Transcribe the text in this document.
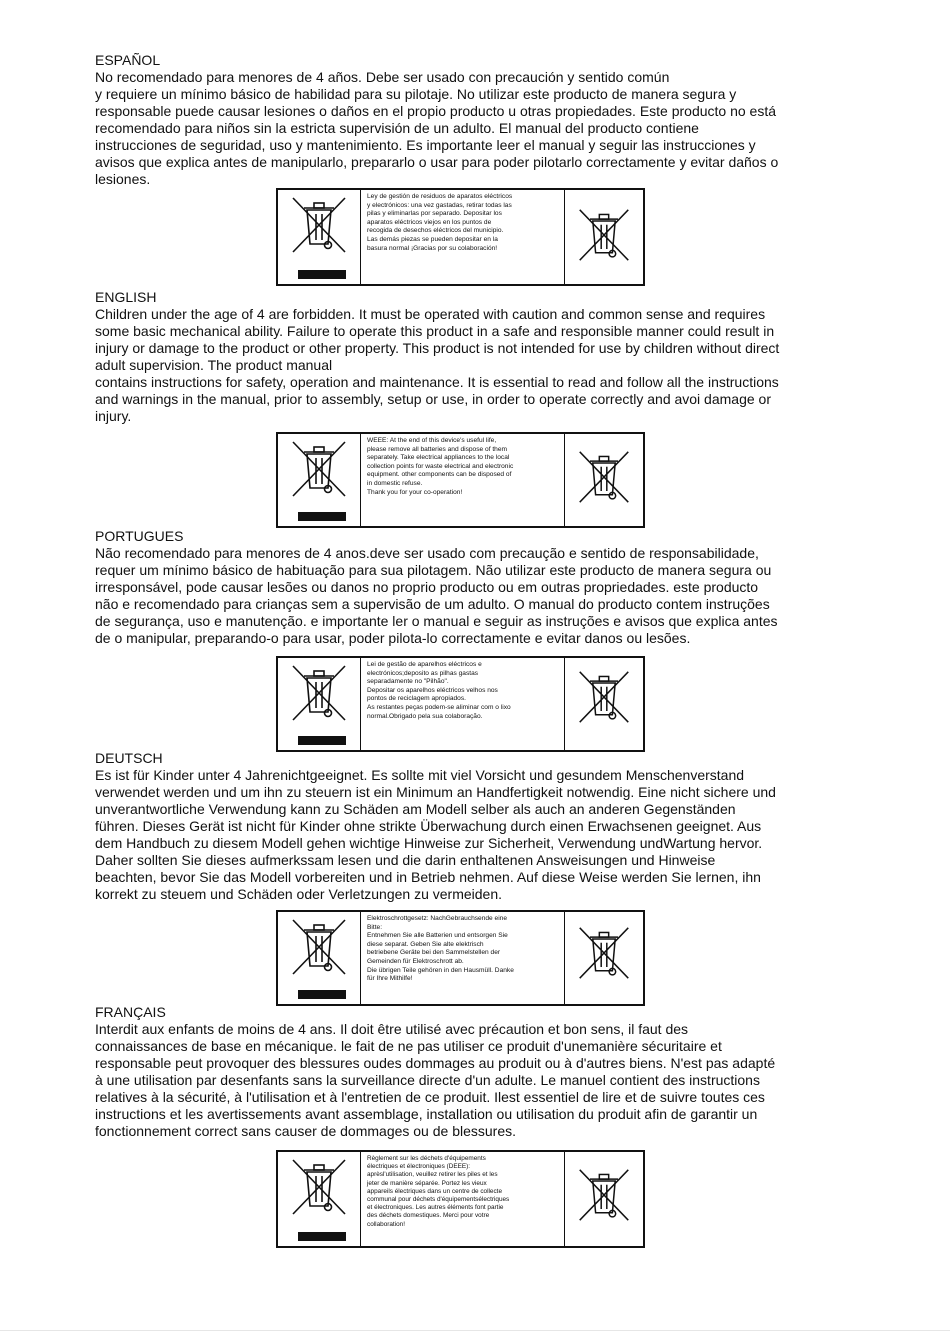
ESPAÑOL

No recomendado para menores de 4 años. Debe ser usado con precaución y sentido común
y requiere un mínimo básico de habilidad para su pilotaje. No utilizar este producto de manera segura y
responsable puede causar lesiones o daños en el propio producto u otras propiedades. Este producto no está
recomendado para niños sin la estricta supervisión de un adulto. El manual del producto contiene
instrucciones de seguridad, uso y mantenimiento. Es importante leer el manual y seguir las instrucciones y
avisos que explica antes de manipularlo, prepararlo o usar para poder pilotarlo correctamente y evitar daños o
lesiones.

Ley de gestión de residuos de aparatos eléctricos
y electrónicos: una vez gastadas, retirar todas las
pilas y eliminarlas por separado. Depositar los
aparatos eléctricos viejos en los puntos de
recogida de desechos eléctricos del municipio.
Las demás piezas se pueden depositar en la
basura normal ¡Gracias por su colaboración!

ENGLISH

Children under the age of 4 are forbidden. It must be operated with caution and common sense and requires
some basic mechanical ability. Failure to operate this product in a safe and responsible manner could result in
injury or damage to the product or other property. This product is not intended for use by children without direct
adult supervision. The product manual
contains instructions for safety, operation and maintenance. It is essential to read and follow all the instructions
and warnings in the manual, prior to assembly, setup or use, in order to operate correctly and avoi damage or
injury.

WEEE: At the end of this device's useful life,
please remove all batteries and dispose of them
separately. Take electrical appliances to the local
collection points for waste electrical and electronic
equipment. other components can be disposed of
in domestic refuse.
Thank you for your co-operation!

PORTUGUES

Não recomendado para menores de 4 anos.deve ser usado com precaução e sentido de responsabilidade,
requer um mínimo básico de habituação para sua pilotagem. Não utilizar este producto de manera segura ou
irresponsável, pode causar lesões ou danos no proprio producto ou em outras propriedades. este producto
não e recomendado para crianças sem a supervisão de um adulto. O manual do producto contem instruções
de segurança, uso e manutenção. e importante ler o manual e seguir as instruções e avisos que explica antes
de o manipular, preparando-o para usar, poder pilota-lo correctamente e evitar danos ou lesões.

Lei de gestão de aparelhos eléctricos e
electrónicos;deposito as pilhas gastas
separadamente no "Pilhão".
Depositar os aparelhos eléctricos velhos nos
pontos de reciclagem apropiados.
As restantes peças podem-se aliminar com o lixo
normal.Obrigado pela sua colaboração.

DEUTSCH

Es ist für Kinder unter 4 Jahrenichtgeeignet. Es sollte mit viel Vorsicht und gesundem Menschenverstand
verwendet werden und um ihn zu steuern ist ein Minimum an Handfertigkeit notwendig. Eine nicht sichere und
unverantwortliche Verwendung kann zu Schäden am Modell selber als auch an anderen Gegenständen
führen. Dieses Gerät ist nicht für Kinder ohne strikte Überwachung durch einen Erwachsenen geeignet. Aus
dem Handbuch zu diesem Modell gehen wichtige Hinweise zur Sicherheit, Verwendung undWartung hervor.
Daher sollten Sie dieses aufmerkssam lesen und die darin enthaltenen Answeisungen und Hinweise
beachten, bevor Sie das Modell vorbereiten und in Betrieb nehmen. Auf diese Weise werden Sie lernen, ihn
korrekt zu steuem und Schäden oder Verletzungen zu vermeiden.

Elektroschrottgesetz: NachGebrauchsende eine
Bitte:
Entnehmen Sie alle Batterien und entsorgen Sie
diese separat. Geben Sie alte elektrisch
betriebene Geräte bei den Sammelstellen der
Gemeinden für Elektroschrott ab.
Die übrigen Teile gehören in den Hausmüll. Danke
für Ihre Mithilfe!

FRANÇAIS

Interdit aux enfants de moins de 4 ans. Il doit être utilisé avec précaution et bon sens, il faut des
connaissances de base en mécanique. le fait de ne pas utiliser ce produit d'unemanière sécuritaire et
responsable peut provoquer des blessures oudes dommages au produit ou à d'autres biens. N'est pas adapté
à une utilisation par desenfants sans la surveillance directe d'un adulte. Le manuel contient des instructions
relatives à la sécurité, à l'utilisation et à l'entretien de ce produit. Ilest essentiel de lire et de suivre toutes ces
instructions et les avertissements avant assemblage, installation ou utilisation du produit afin de garantir un
fonctionnement correct sans causer de dommages ou de blessures.

Règlement sur les déchets d'équipements
électriques et électroniques (DEEE):
aprèsl'utilisation, veuillez retirer les piles et les
jeter de manière séparée. Portez les vieux
appareils électriques dans un centre de collecte
communal pour déchets d'équipementsélectriques
et électroniques. Les autres éléments font partie
des déchets domestiques. Merci pour votre
collaboration!
